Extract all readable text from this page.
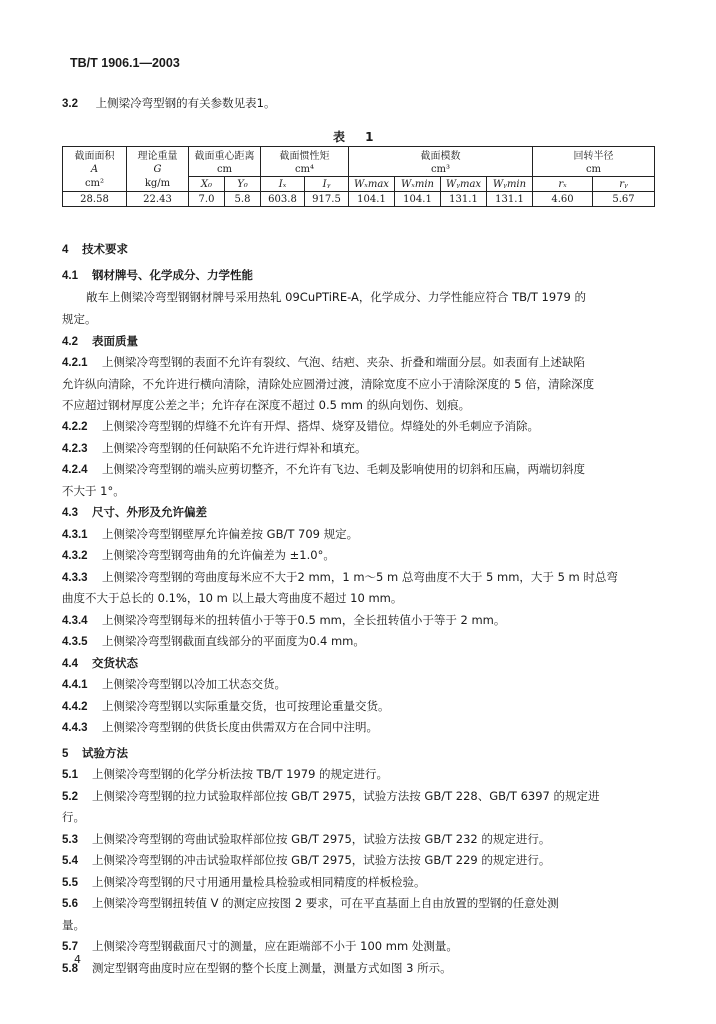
TB/T 1906.1—2003
3.2 上侧梁冷弯型钢的有关参数见表1。
表 1
截面面积	理论重量	截面重心距离		截面惯性矩		截面模数				回转半径	
A	G	cm		cm⁴		cm³				cm	
cm²	kg/m	X₀	Y₀	Iₓ	Iᵧ	Wₓmax	Wₓmin	Wᵧmax	Wᵧmin	rₓ	rᵧ
28.58	22.43	7.0	5.8	603.8	917.5	104.1	104.1	131.1	131.1	4.60	5.67
4 技术要求
4.1 钢材牌号、化学成分、力学性能
敞车上侧梁冷弯型钢钢材牌号采用热轧 09CuPTiRE-A，化学成分、力学性能应符合 TB/T 1979 的
规定。
4.2 表面质量
4.2.1 上侧梁冷弯型钢的表面不允许有裂纹、气泡、结疤、夹杂、折叠和端面分层。如表面有上述缺陷
允许纵向清除，不允许进行横向清除，清除处应圆滑过渡，清除宽度不应小于清除深度的 5 倍，清除深度
不应超过钢材厚度公差之半；允许存在深度不超过 0.5 mm 的纵向划伤、划痕。
4.2.2 上侧梁冷弯型钢的焊缝不允许有开焊、搭焊、烧穿及错位。焊缝处的外毛刺应予消除。
4.2.3 上侧梁冷弯型钢的任何缺陷不允许进行焊补和填充。
4.2.4 上侧梁冷弯型钢的端头应剪切整齐，不允许有飞边、毛刺及影响使用的切斜和压扁，两端切斜度
不大于 1°。
4.3 尺寸、外形及允许偏差
4.3.1 上侧梁冷弯型钢壁厚允许偏差按 GB/T 709 规定。
4.3.2 上侧梁冷弯型钢弯曲角的允许偏差为 ±1.0°。
4.3.3 上侧梁冷弯型钢的弯曲度每米应不大于2 mm，1 m～5 m 总弯曲度不大于 5 mm，大于 5 m 时总弯
曲度不大于总长的 0.1%，10 m 以上最大弯曲度不超过 10 mm。
4.3.4 上侧梁冷弯型钢每米的扭转值小于等于0.5 mm，全长扭转值小于等于 2 mm。
4.3.5 上侧梁冷弯型钢截面直线部分的平面度为0.4 mm。
4.4 交货状态
4.4.1 上侧梁冷弯型钢以冷加工状态交货。
4.4.2 上侧梁冷弯型钢以实际重量交货，也可按理论重量交货。
4.4.3 上侧梁冷弯型钢的供货长度由供需双方在合同中注明。
5 试验方法
5.1 上侧梁冷弯型钢的化学分析法按 TB/T 1979 的规定进行。
5.2 上侧梁冷弯型钢的拉力试验取样部位按 GB/T 2975，试验方法按 GB/T 228、GB/T 6397 的规定进
行。
5.3 上侧梁冷弯型钢的弯曲试验取样部位按 GB/T 2975，试验方法按 GB/T 232 的规定进行。
5.4 上侧梁冷弯型钢的冲击试验取样部位按 GB/T 2975，试验方法按 GB/T 229 的规定进行。
5.5 上侧梁冷弯型钢的尺寸用通用量检具检验或相同精度的样板检验。
5.6 上侧梁冷弯型钢扭转值 V 的测定应按图 2 要求，可在平直基面上自由放置的型钢的任意处测
量。
5.7 上侧梁冷弯型钢截面尺寸的测量，应在距端部不小于 100 mm 处测量。
5.8 测定型钢弯曲度时应在型钢的整个长度上测量，测量方式如图 3 所示。
4
